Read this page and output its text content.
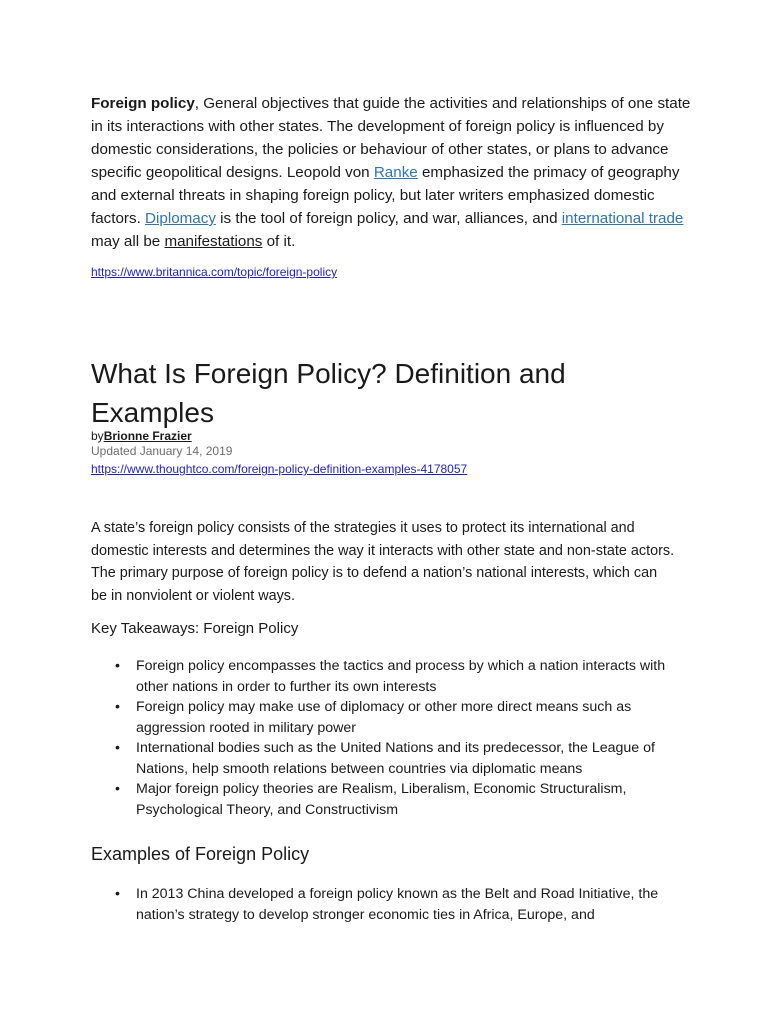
Foreign policy, General objectives that guide the activities and relationships of one state in its interactions with other states. The development of foreign policy is influenced by domestic considerations, the policies or behaviour of other states, or plans to advance specific geopolitical designs. Leopold von Ranke emphasized the primacy of geography and external threats in shaping foreign policy, but later writers emphasized domestic factors. Diplomacy is the tool of foreign policy, and war, alliances, and international trade may all be manifestations of it.

https://www.britannica.com/topic/foreign-policy
What Is Foreign Policy? Definition and Examples
byBrionne Frazier
Updated January 14, 2019
https://www.thoughtco.com/foreign-policy-definition-examples-4178057

A state’s foreign policy consists of the strategies it uses to protect its international and domestic interests and determines the way it interacts with other state and non-state actors. The primary purpose of foreign policy is to defend a nation’s national interests, which can be in nonviolent or violent ways.

Key Takeaways: Foreign Policy
• Foreign policy encompasses the tactics and process by which a nation interacts with other nations in order to further its own interests
• Foreign policy may make use of diplomacy or other more direct means such as aggression rooted in military power
• International bodies such as the United Nations and its predecessor, the League of Nations, help smooth relations between countries via diplomatic means
• Major foreign policy theories are Realism, Liberalism, Economic Structuralism, Psychological Theory, and Constructivism
Examples of Foreign Policy
• In 2013 China developed a foreign policy known as the Belt and Road Initiative, the nation’s strategy to develop stronger economic ties in Africa, Europe, and
